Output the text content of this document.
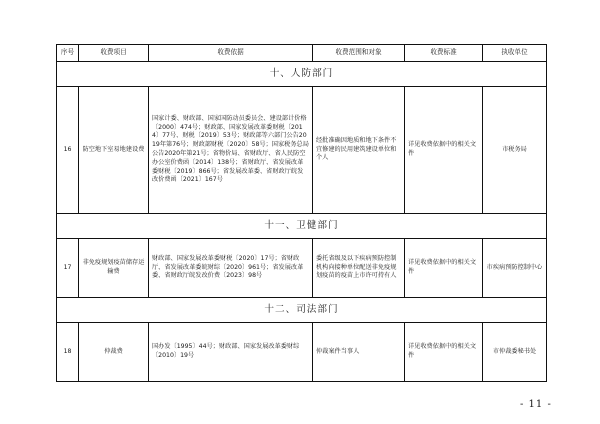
序号	收费项目	收费依据	收费范围和对象	收费标准	执收单位
十、人防部门					
16	防空地下室易地建设费	国家计委、财政部、国家国防动员委员会、建设部计价格〔2000〕474号；财政部、国家发展改革委财税〔2014〕77号、财税〔2019〕53号；财政部等六部门公告2019年第76号；财政部财税〔2020〕58号；国家税务总局公告2020年第21号；省物价局、省财政厅、省人民防空办公室价费函〔2014〕138号；省财政厅、省发展改革委财税〔2019〕866号；省发展改革委、省财政厅皖发改价费函〔2021〕167号	经批准确因地质和地下条件不宜修建的民用建筑建设单位和个人	详见收费依据中的相关文件	市税务局
十一、卫健部门					
17	非免疫规划疫苗储存运输费	财政部、国家发展改革委财税〔2020〕17号；省财政厅、省发展改革委皖财综〔2020〕961号；省发展改革委、省财政厅皖发改价费〔2023〕98号	委托省级及以下疾病预防控制机构向接种单位配送非免疫规划疫苗的疫苗上市许可持有人	详见收费依据中的相关文件	市疾病预防控制中心
十二、司法部门					
18	仲裁费	国办发〔1995〕44号；财政部、国家发展改革委财综〔2010〕19号	仲裁案件当事人	详见收费依据中的相关文件	市仲裁委秘书处
- 11 -
